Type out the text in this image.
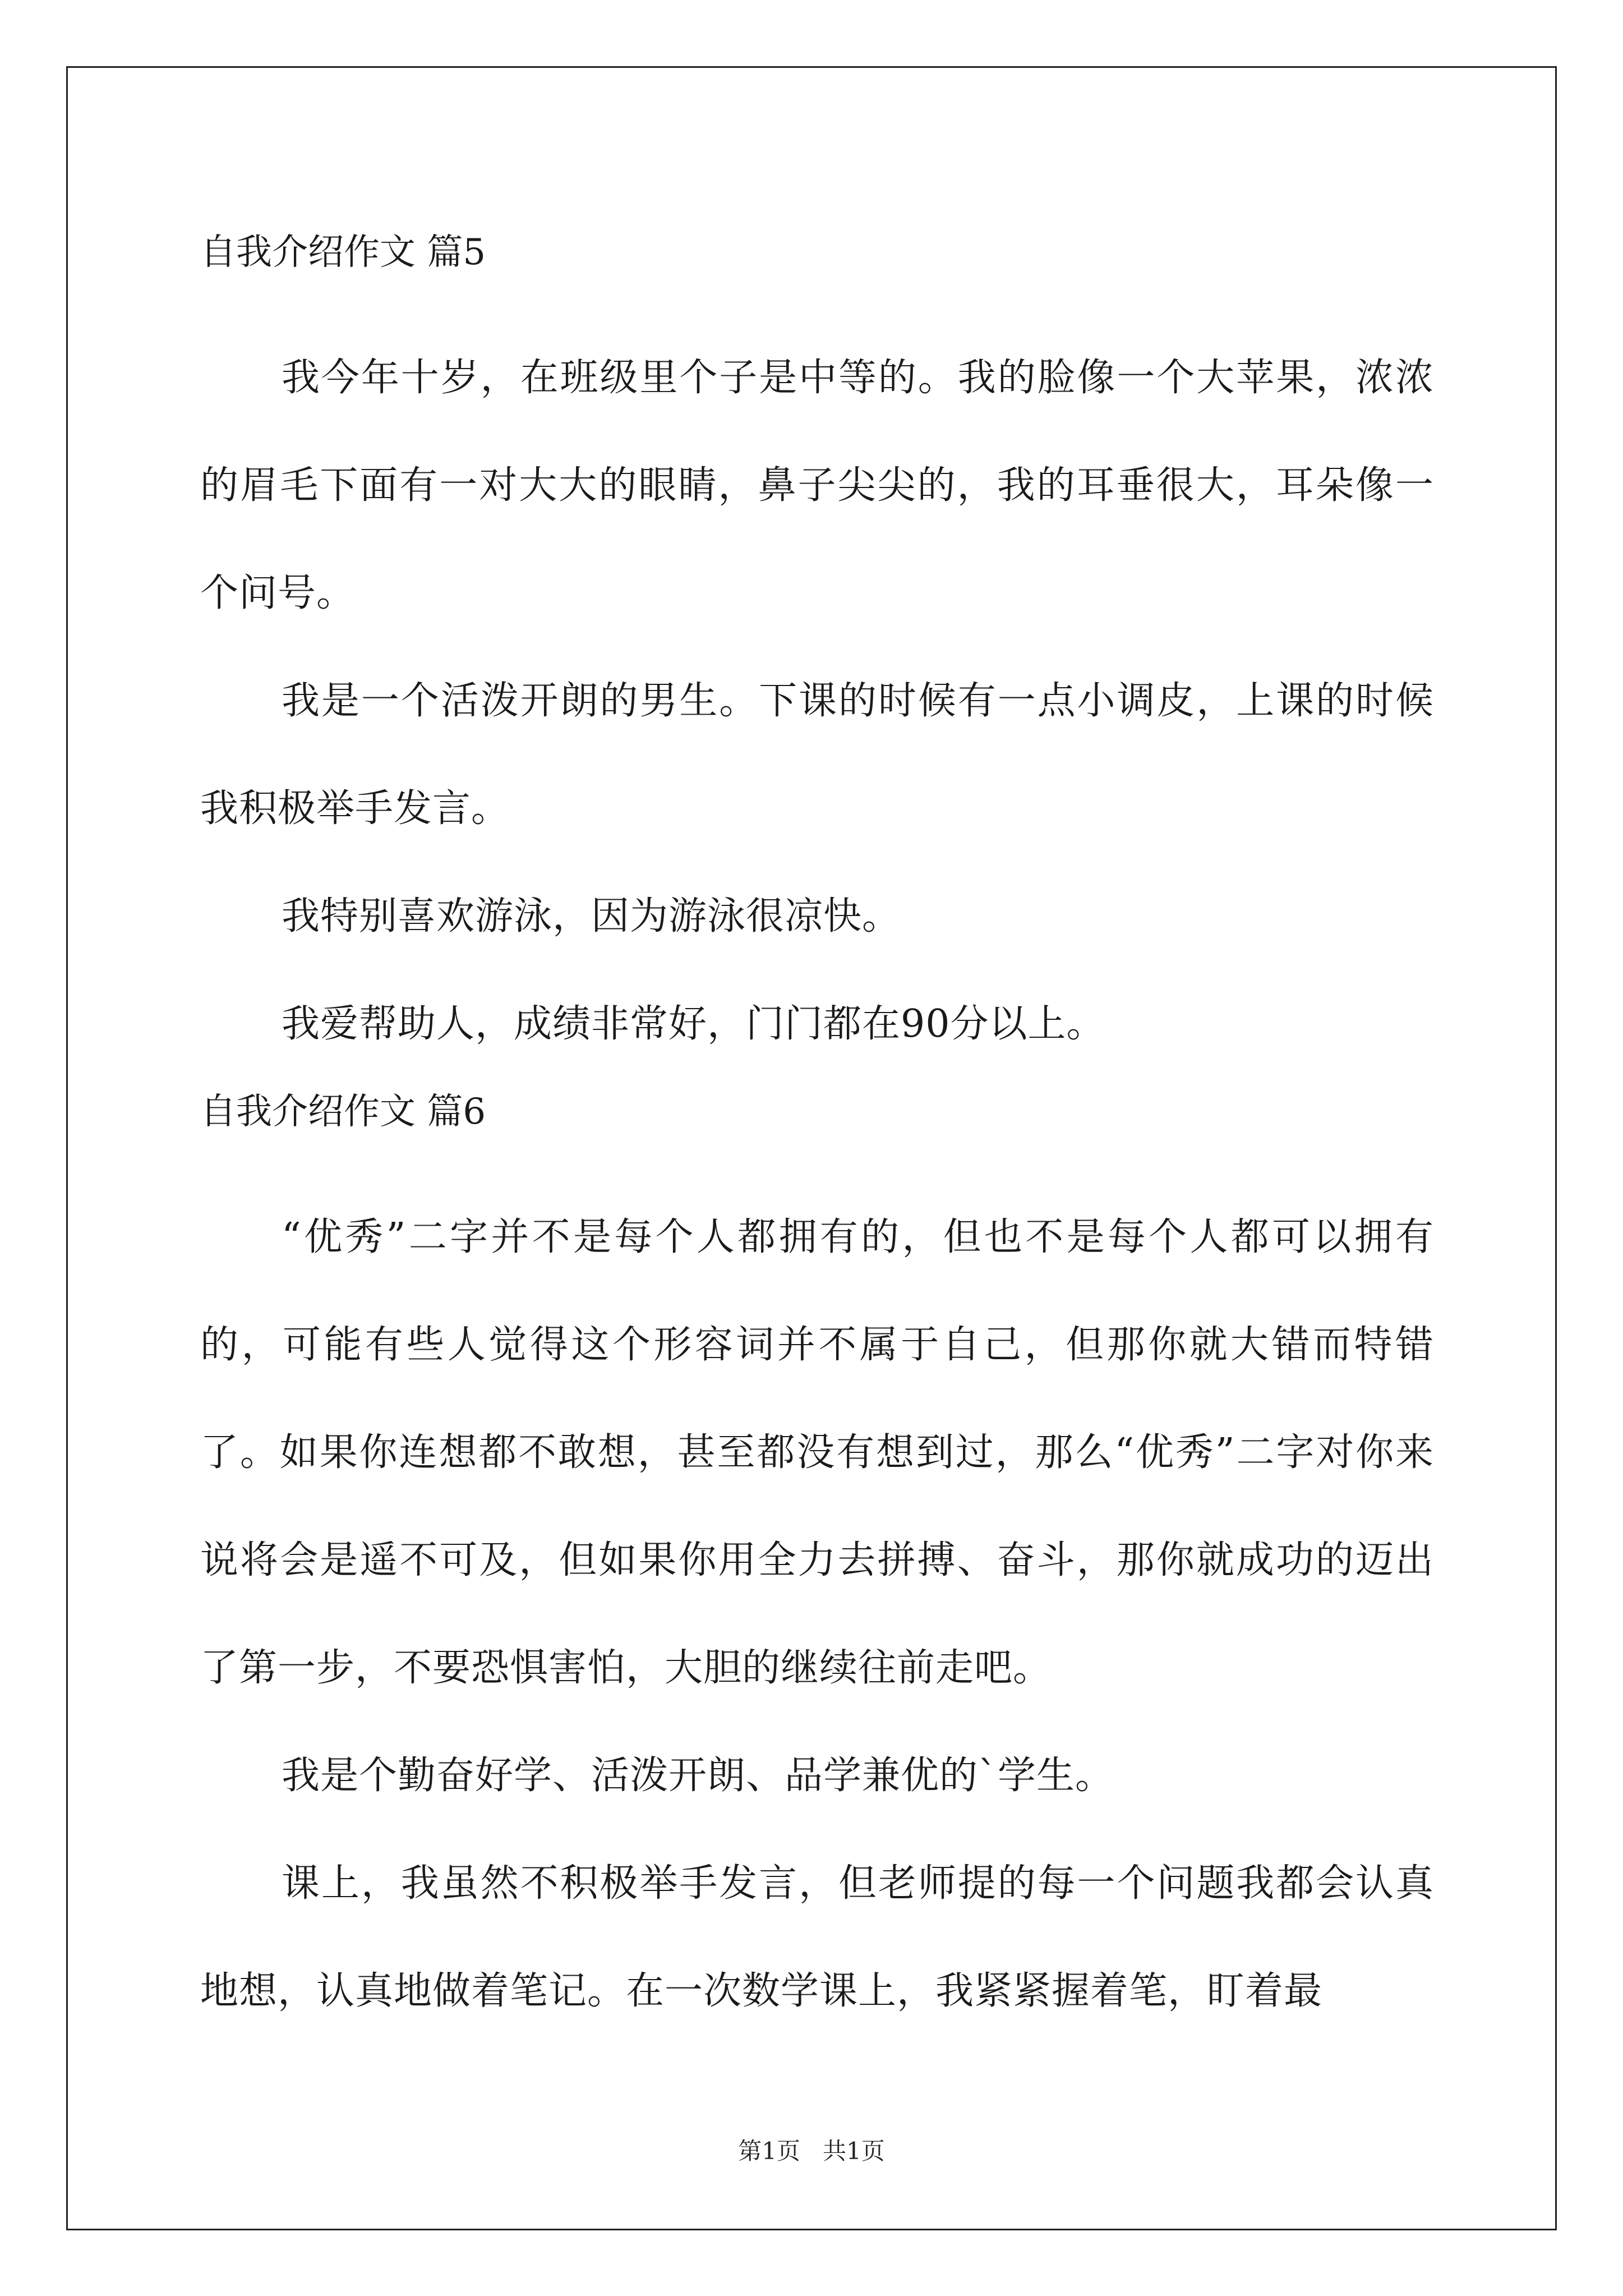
自我介绍作文 篇5

我今年十岁，在班级里个子是中等的。我的脸像一个大苹果，浓浓的眉毛下面有一对大大的眼睛，鼻子尖尖的，我的耳垂很大，耳朵像一个问号。

我是一个活泼开朗的男生。下课的时候有一点小调皮，上课的时候我积极举手发言。

我特别喜欢游泳，因为游泳很凉快。

我爱帮助人，成绩非常好，门门都在90分以上。

自我介绍作文 篇6

“优秀”二字并不是每个人都拥有的，但也不是每个人都可以拥有的，可能有些人觉得这个形容词并不属于自己，但那你就大错而特错了。如果你连想都不敢想，甚至都没有想到过，那么“优秀”二字对你来说将会是遥不可及，但如果你用全力去拼搏、奋斗，那你就成功的迈出了第一步，不要恐惧害怕，大胆的继续往前走吧。

我是个勤奋好学、活泼开朗、品学兼优的`学生。

课上，我虽然不积极举手发言，但老师提的每一个问题我都会认真地想，认真地做着笔记。在一次数学课上，我紧紧握着笔，盯着最

第1页   共1页
